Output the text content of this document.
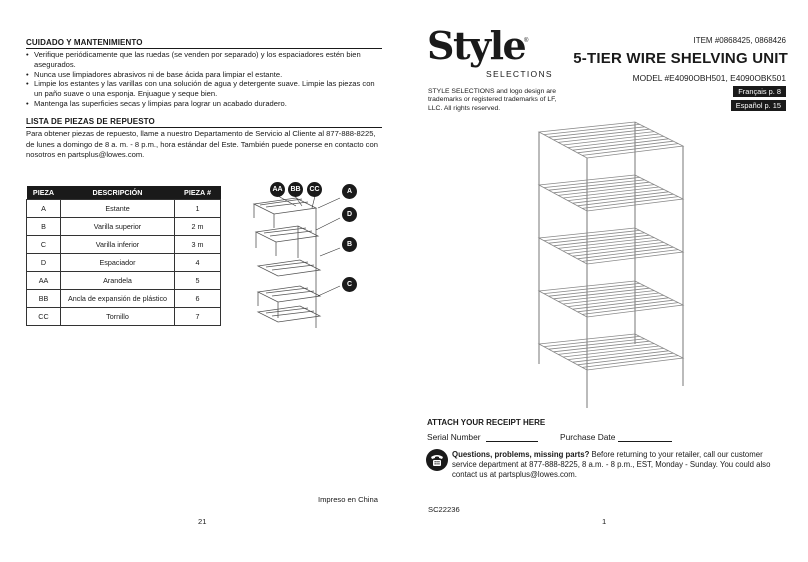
CUIDADO Y MANTENIMIENTO
• Verifique periódicamente que las ruedas (se venden por separado) y los espaciadores estén bien asegurados.
• Nunca use limpiadores abrasivos ni de base ácida para limpiar el estante.
• Limpie los estantes y las varillas con una solución de agua y detergente suave. Limpie las piezas con un paño suave o una esponja. Enjuague y seque bien.
• Mantenga las superficies secas y limpias para lograr un acabado duradero.
LISTA DE PIEZAS DE REPUESTO
Para obtener piezas de repuesto, llame a nuestro Departamento de Servicio al Cliente al 877-888-8225, de lunes a domingo de 8 a. m. - 8 p.m., hora estándar del Este. También puede ponerse en contacto con nosotros en partsplus@lowes.com.
PIEZA	DESCRIPCIÓN	PIEZA #
A	Estante	1
B	Varilla superior	2 m
C	Varilla inferior	3 m
D	Espaciador	4
AA	Arandela	5
BB	Ancla de expansión de plástico	6
CC	Tornillo	7
AA	BB	CC	A
D
B
C
Impreso en China
21
Style
®
SELECTIONS
STYLE SELECTIONS and logo design are trademarks or registered trademarks of LF, LLC. All rights reserved.
ITEM #0868425, 0868426
5-TIER WIRE SHELVING UNIT
MODEL #E4090OBH501, E4090OBK501
Français p. 8
Español p. 15
ATTACH YOUR RECEIPT HERE
Serial Number	Purchase Date
Questions, problems, missing parts? Before returning to your retailer, call our customer service department at 877-888-8225, 8 a.m. - 8 p.m., EST, Monday - Sunday. You could also contact us at partsplus@lowes.com.
SC22236
1
